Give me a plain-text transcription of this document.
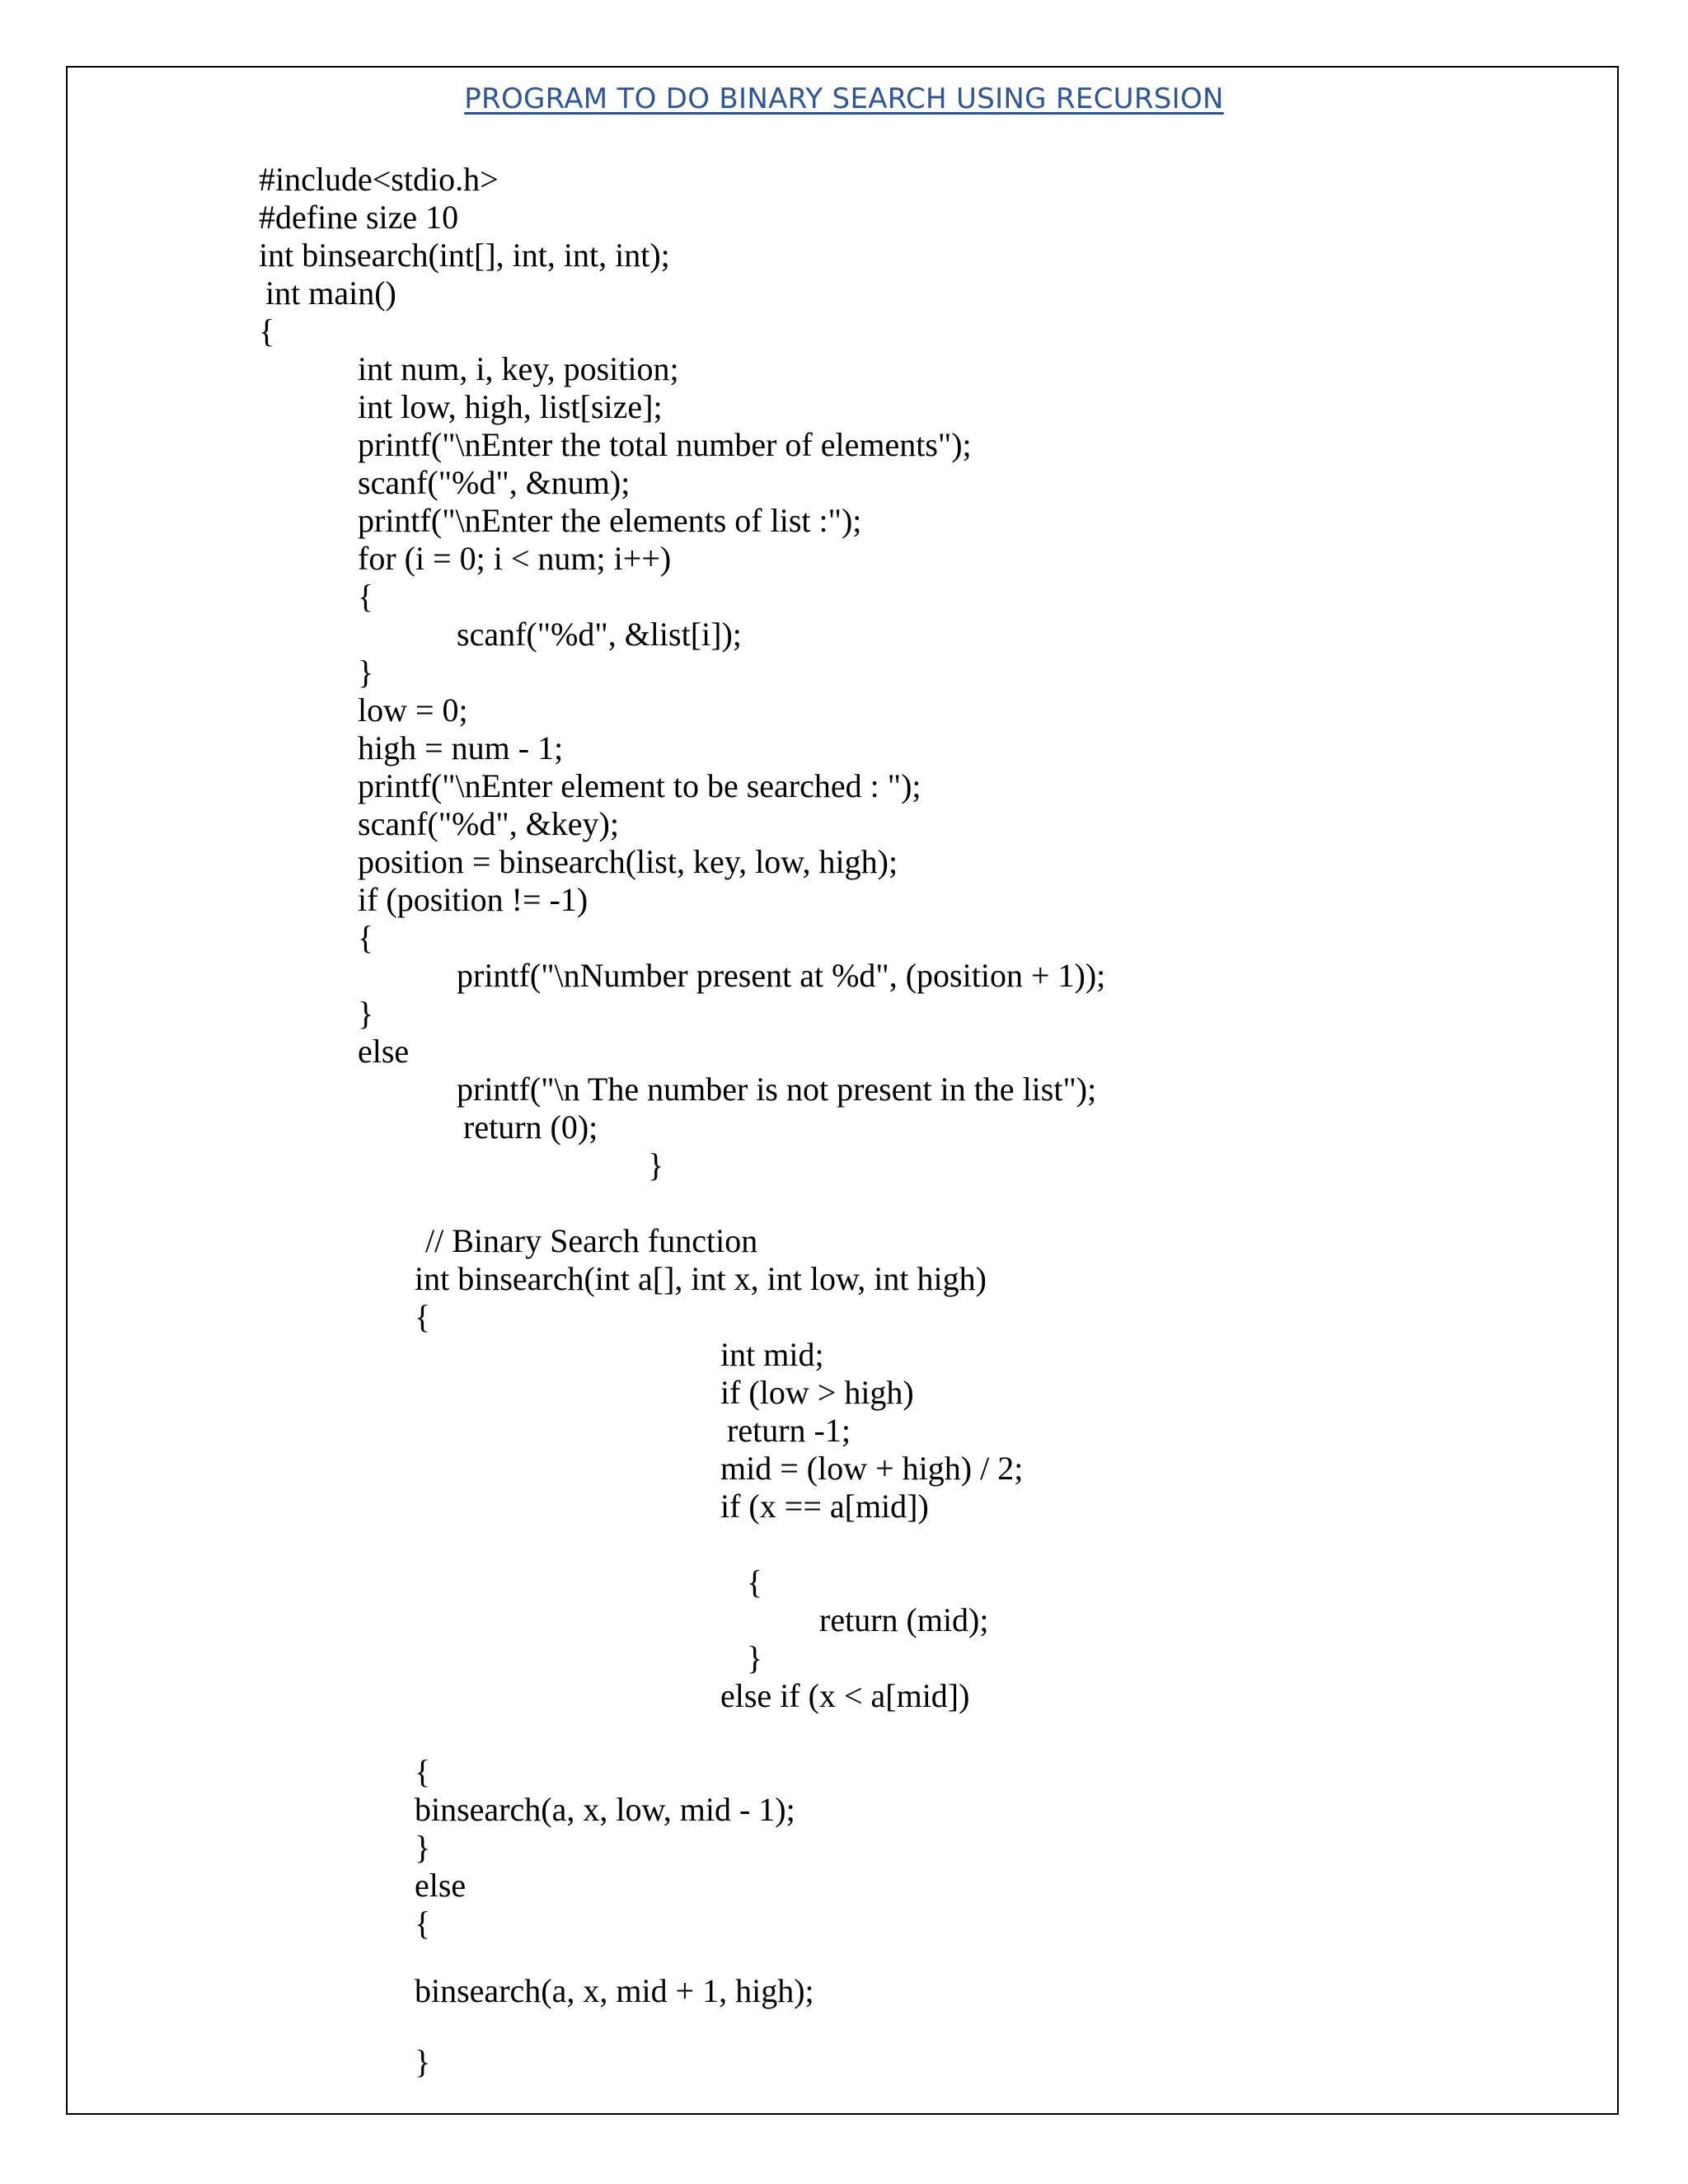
PROGRAM TO DO BINARY SEARCH USING RECURSION
#include<stdio.h>
#define size 10
int binsearch(int[], int, int, int);
int main()
{
int num, i, key, position;
int low, high, list[size];
printf("\nEnter the total number of elements");
scanf("%d", &num);
printf("\nEnter the elements of list :");
for (i = 0; i < num; i++)
{
scanf("%d", &list[i]);
}
low = 0;
high = num - 1;
printf("\nEnter element to be searched : ");
scanf("%d", &key);
position = binsearch(list, key, low, high);
if (position != -1)
{
printf("\nNumber present at %d", (position + 1));
}
else
printf("\n The number is not present in the list");
return (0);
}
// Binary Search function
int binsearch(int a[], int x, int low, int high)
{
int mid;
if (low > high)
return -1;
mid = (low + high) / 2;
if (x == a[mid])
{
return (mid);
}
else if (x < a[mid])
{
binsearch(a, x, low, mid - 1);
}
else
{
binsearch(a, x, mid + 1, high);
}
